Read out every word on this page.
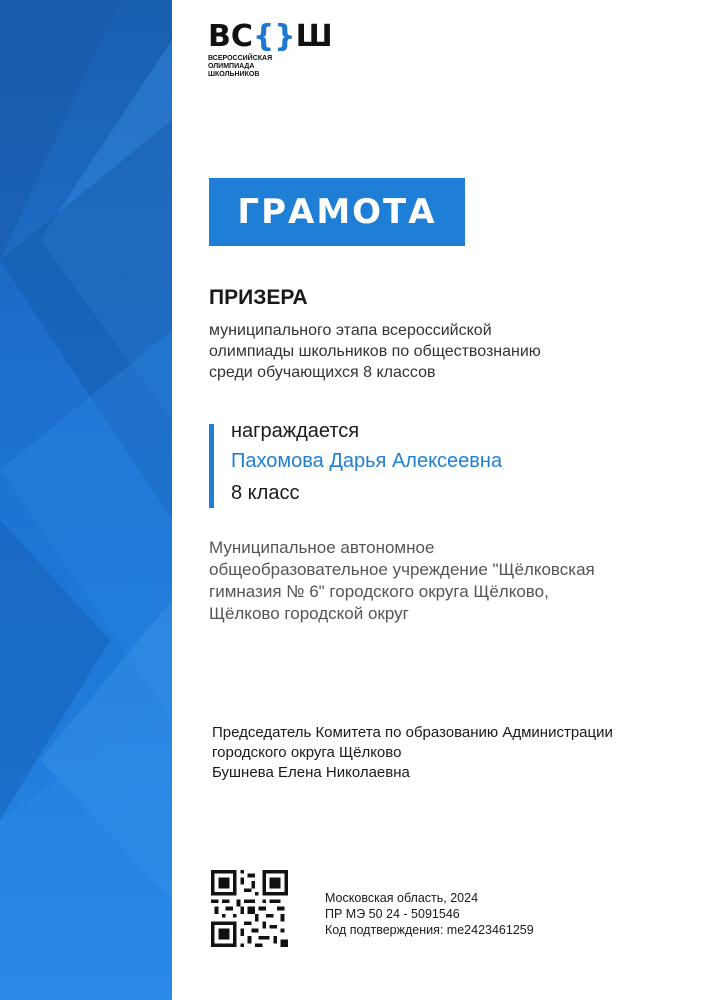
ВС { } Ш
ВСЕРОССИЙСКАЯ
ОЛИМПИАДА
ШКОЛЬНИКОВ
ГРАМОТА
ПРИЗЕРА
муниципального этапа всероссийской
олимпиады школьников по обществознанию
среди обучающихся 8 классов
награждается
Пахомова Дарья Алексеевна
8 класс
Муниципальное автономное
общеобразовательное учреждение "Щёлковская
гимназия № 6" городского округа Щёлково,
Щёлково городской округ
Председатель Комитета по образованию Администрации
городского округа Щёлково
Бушнева Елена Николаевна
Московская область, 2024
ПР МЭ 50 24 - 5091546
Код подтверждения: me2423461259
